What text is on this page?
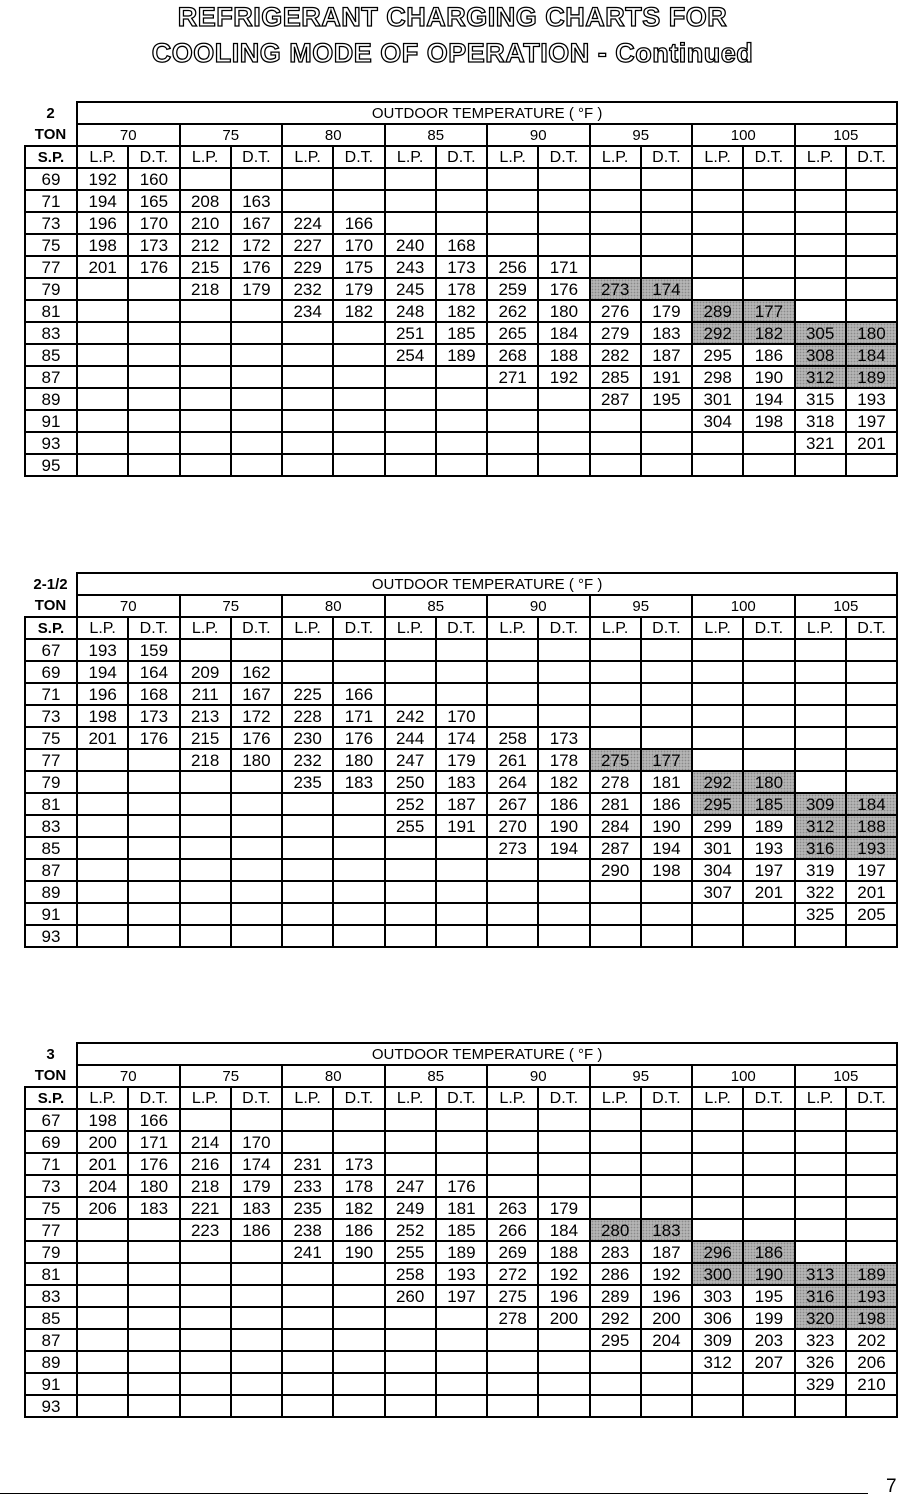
REFRIGERANT CHARGING CHARTS FOR
COOLING MODE OF OPERATION - Continued
2	OUTDOOR TEMPERATURE ( °F )															
TON	70		75		80		85		90		95		100		105	
S.P.	L.P.	D.T.	L.P.	D.T.	L.P.	D.T.	L.P.	D.T.	L.P.	D.T.	L.P.	D.T.	L.P.	D.T.	L.P.	D.T.
69	192	160														
71	194	165	208	163												
73	196	170	210	167	224	166										
75	198	173	212	172	227	170	240	168								
77	201	176	215	176	229	175	243	173	256	171						
79			218	179	232	179	245	178	259	176	273	174				
81					234	182	248	182	262	180	276	179	289	177		
83							251	185	265	184	279	183	292	182	305	180
85							254	189	268	188	282	187	295	186	308	184
87									271	192	285	191	298	190	312	189
89											287	195	301	194	315	193
91													304	198	318	197
93															321	201
95																
2-1/2	OUTDOOR TEMPERATURE ( °F )															
TON	70		75		80		85		90		95		100		105	
S.P.	L.P.	D.T.	L.P.	D.T.	L.P.	D.T.	L.P.	D.T.	L.P.	D.T.	L.P.	D.T.	L.P.	D.T.	L.P.	D.T.
67	193	159														
69	194	164	209	162												
71	196	168	211	167	225	166										
73	198	173	213	172	228	171	242	170								
75	201	176	215	176	230	176	244	174	258	173						
77			218	180	232	180	247	179	261	178	275	177				
79					235	183	250	183	264	182	278	181	292	180		
81							252	187	267	186	281	186	295	185	309	184
83							255	191	270	190	284	190	299	189	312	188
85									273	194	287	194	301	193	316	193
87											290	198	304	197	319	197
89													307	201	322	201
91															325	205
93																
3	OUTDOOR TEMPERATURE ( °F )															
TON	70		75		80		85		90		95		100		105	
S.P.	L.P.	D.T.	L.P.	D.T.	L.P.	D.T.	L.P.	D.T.	L.P.	D.T.	L.P.	D.T.	L.P.	D.T.	L.P.	D.T.
67	198	166														
69	200	171	214	170												
71	201	176	216	174	231	173										
73	204	180	218	179	233	178	247	176								
75	206	183	221	183	235	182	249	181	263	179						
77			223	186	238	186	252	185	266	184	280	183				
79					241	190	255	189	269	188	283	187	296	186		
81							258	193	272	192	286	192	300	190	313	189
83							260	197	275	196	289	196	303	195	316	193
85									278	200	292	200	306	199	320	198
87											295	204	309	203	323	202
89													312	207	326	206
91															329	210
93																
7
